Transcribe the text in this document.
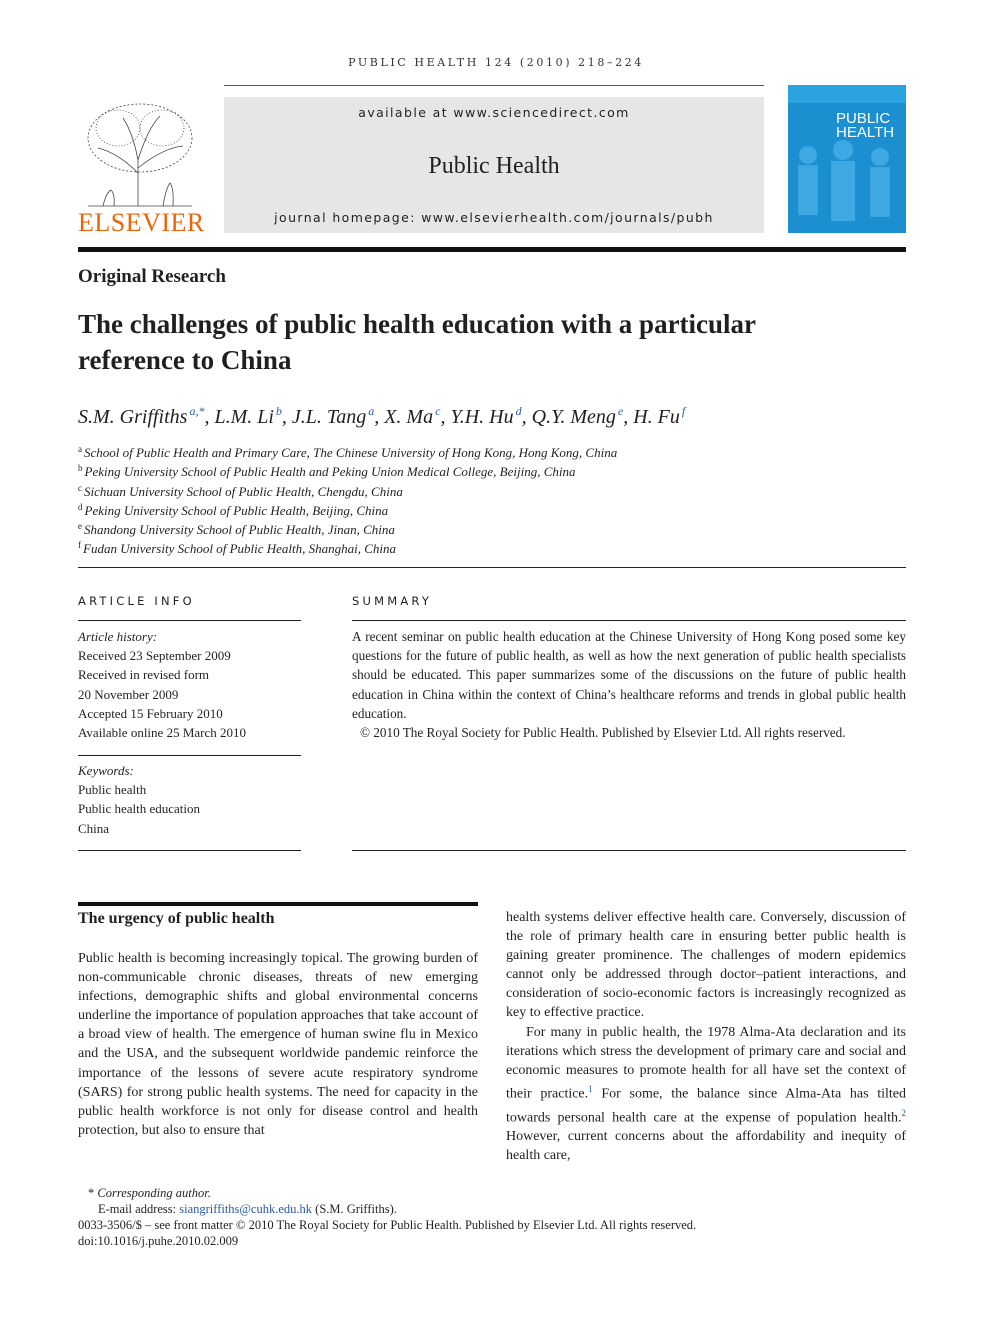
PUBLIC HEALTH 124 (2010) 218–224
ELSEVIER
available at www.sciencedirect.com
Public Health
journal homepage: www.elsevierhealth.com/journals/pubh
PUBLIC
HEALTH
Original Research
The challenges of public health education with a particular
reference to China
S.M. Griffiths $^{a,*}$, L.M. Li $^b$, J.L. Tang $^a$, X. Ma $^c$, Y.H. Hu $^d$, Q.Y. Meng $^e$, H. Fu $^f$
$^a$ School of Public Health and Primary Care, The Chinese University of Hong Kong, Hong Kong, China
$^b$ Peking University School of Public Health and Peking Union Medical College, Beijing, China
$^c$ Sichuan University School of Public Health, Chengdu, China
$^d$ Peking University School of Public Health, Beijing, China
$^e$ Shandong University School of Public Health, Jinan, China
$^f$ Fudan University School of Public Health, Shanghai, China
ARTICLE INFO
Article history:
Received 23 September 2009
Received in revised form
20 November 2009
Accepted 15 February 2010
Available online 25 March 2010
Keywords:
Public health
Public health education
China
SUMMARY
A recent seminar on public health education at the Chinese University of Hong Kong posed some key questions for the future of public health, as well as how the next generation of public health specialists should be educated. This paper summarizes some of the discussions on the future of public health education in China within the context of China’s healthcare reforms and trends in global public health education.
© 2010 The Royal Society for Public Health. Published by Elsevier Ltd. All rights reserved.
The urgency of public health

Public health is becoming increasingly topical. The growing burden of non-communicable chronic diseases, threats of new emerging infections, demographic shifts and global environmental concerns underline the importance of population approaches that take account of a broad view of health. The emergence of human swine flu in Mexico and the USA, and the subsequent worldwide pandemic reinforce the importance of the lessons of severe acute respiratory syndrome (SARS) for strong public health systems. The need for capacity in the public health workforce is not only for disease control and health protection, but also to ensure that

health systems deliver effective health care. Conversely, discussion of the role of primary health care in ensuring better public health is gaining greater prominence. The challenges of modern epidemics cannot only be addressed through doctor–patient interactions, and consideration of socio-economic factors is increasingly recognized as key to effective practice.

For many in public health, the 1978 Alma-Ata declaration and its iterations which stress the development of primary care and social and economic measures to promote health for all have set the context of their practice.$^1$ For some, the balance since Alma-Ata has tilted towards personal health care at the expense of population health.$^2$ However, current concerns about the affordability and inequity of health care,

* Corresponding author.
E-mail address: siangriffiths@cuhk.edu.hk (S.M. Griffiths).
0033-3506/$ – see front matter © 2010 The Royal Society for Public Health. Published by Elsevier Ltd. All rights reserved.
doi:10.1016/j.puhe.2010.02.009
